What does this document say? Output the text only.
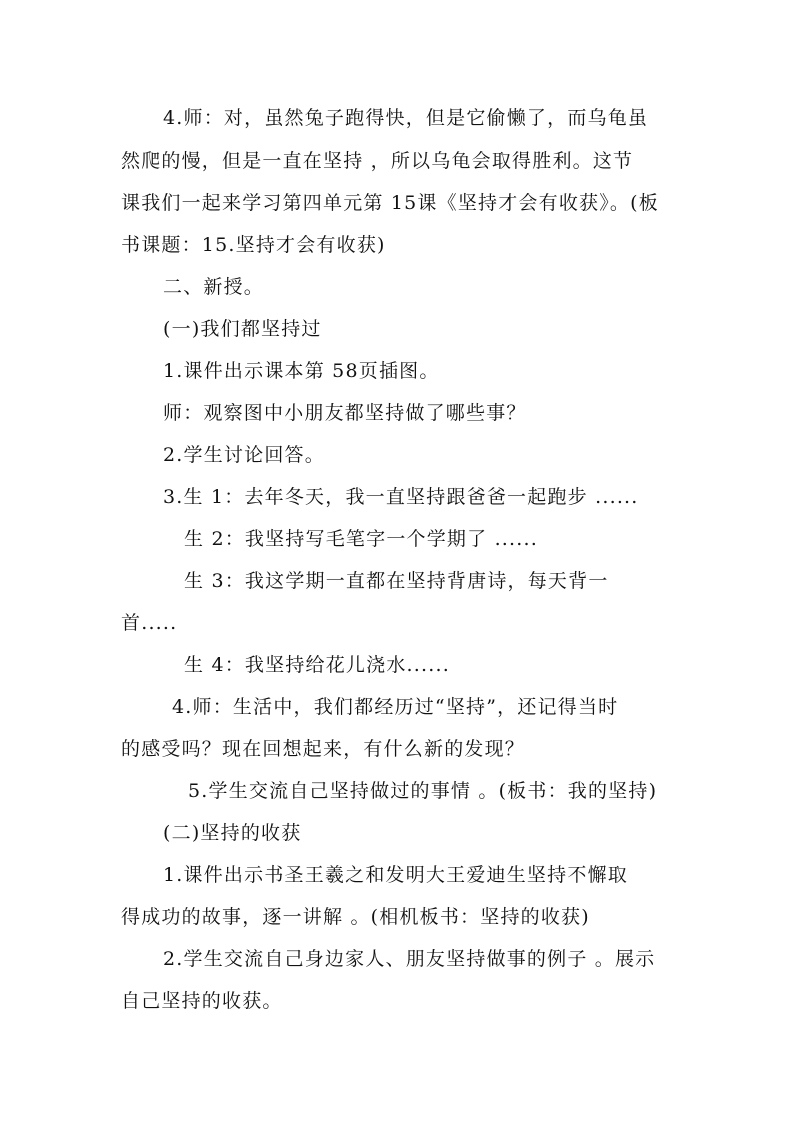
4.师：对，虽然兔子跑得快，但是它偷懒了，而乌龟虽
然爬的慢，但是一直在坚持 ，所以乌龟会取得胜利。这节
课我们一起来学习第四单元第 15课《坚持才会有收获》。(板
书课题：15.坚持才会有收获)
二、新授。
(一)我们都坚持过
1.课件出示课本第 58页插图。
师：观察图中小朋友都坚持做了哪些事？
2.学生讨论回答。
3.生 1：去年冬天，我一直坚持跟爸爸一起跑步 ......
生 2：我坚持写毛笔字一个学期了 ......
生 3：我这学期一直都在坚持背唐诗，每天背一
首.....
生 4：我坚持给花儿浇水......
4.师：生活中，我们都经历过“坚持”，还记得当时
的感受吗？现在回想起来，有什么新的发现？
5.学生交流自己坚持做过的事情 。(板书：我的坚持)
(二)坚持的收获
1.课件出示书圣王羲之和发明大王爱迪生坚持不懈取
得成功的故事，逐一讲解 。(相机板书：坚持的收获)
2.学生交流自己身边家人、朋友坚持做事的例子 。展示
自己坚持的收获。
